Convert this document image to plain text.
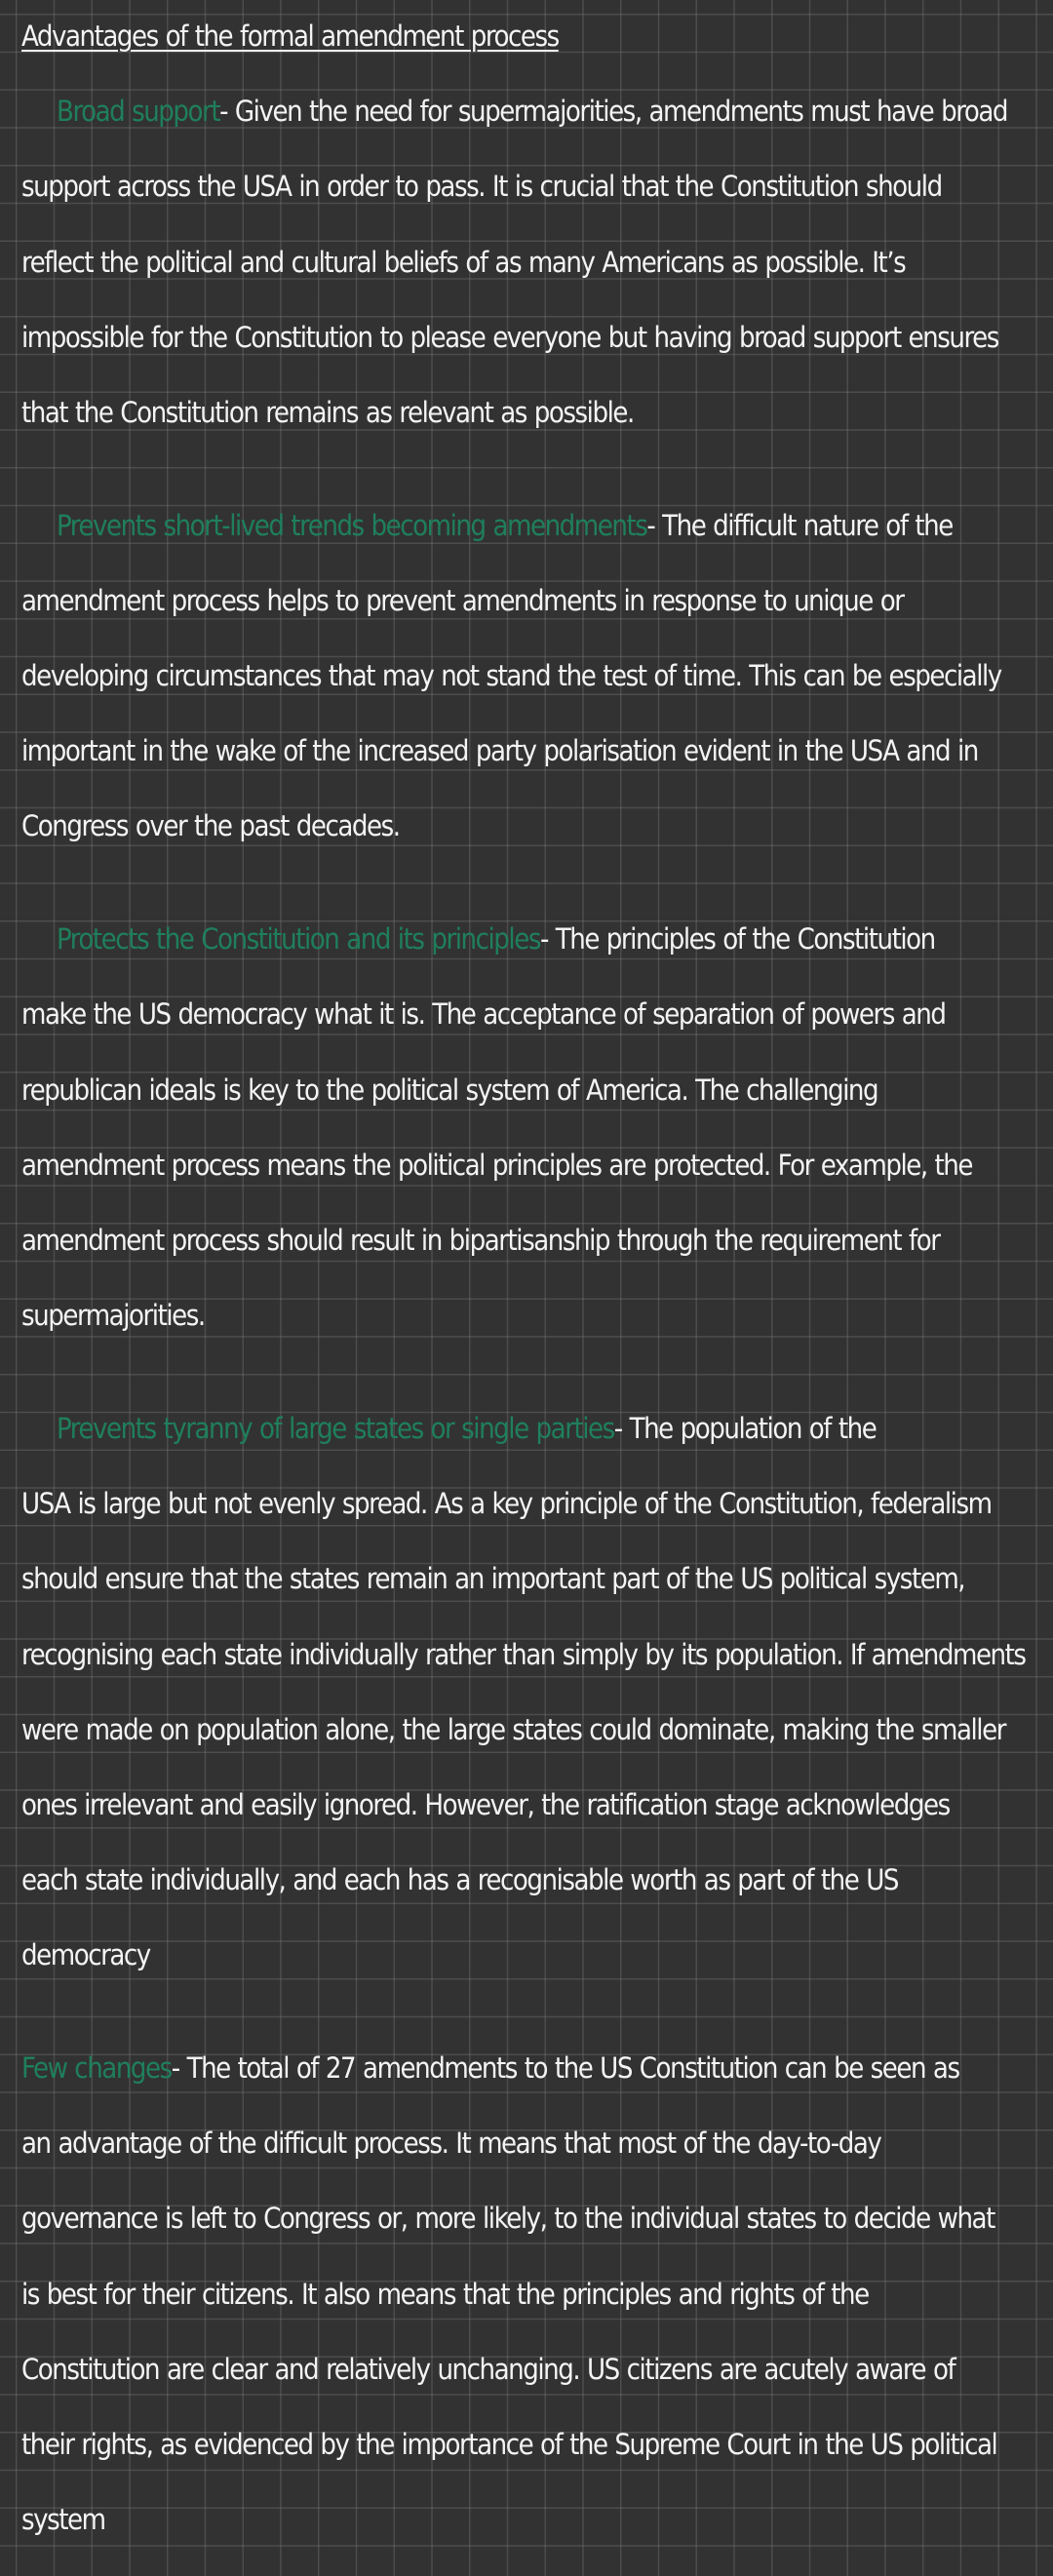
Advantages of the formal amendment process

Broad support- Given the need for supermajorities, amendments must have broad

support across the USA in order to pass. It is crucial that the Constitution should

reflect the political and cultural beliefs of as many Americans as possible. It’s

impossible for the Constitution to please everyone but having broad support ensures

that the Constitution remains as relevant as possible.

Prevents short-lived trends becoming amendments- The difficult nature of the

amendment process helps to prevent amendments in response to unique or

developing circumstances that may not stand the test of time. This can be especially

important in the wake of the increased party polarisation evident in the USA and in

Congress over the past decades.

Protects the Constitution and its principles- The principles of the Constitution

make the US democracy what it is. The acceptance of separation of powers and

republican ideals is key to the political system of America. The challenging

amendment process means the political principles are protected. For example, the

amendment process should result in bipartisanship through the requirement for

supermajorities.

Prevents tyranny of large states or single parties- The population of the

USA is large but not evenly spread. As a key principle of the Constitution, federalism

should ensure that the states remain an important part of the US political system,

recognising each state individually rather than simply by its population. If amendments

were made on population alone, the large states could dominate, making the smaller

ones irrelevant and easily ignored. However, the ratification stage acknowledges

each state individually, and each has a recognisable worth as part of the US

democracy

Few changes- The total of 27 amendments to the US Constitution can be seen as

an advantage of the difficult process. It means that most of the day-to-day

governance is left to Congress or, more likely, to the individual states to decide what

is best for their citizens. It also means that the principles and rights of the

Constitution are clear and relatively unchanging. US citizens are acutely aware of

their rights, as evidenced by the importance of the Supreme Court in the US political

system
